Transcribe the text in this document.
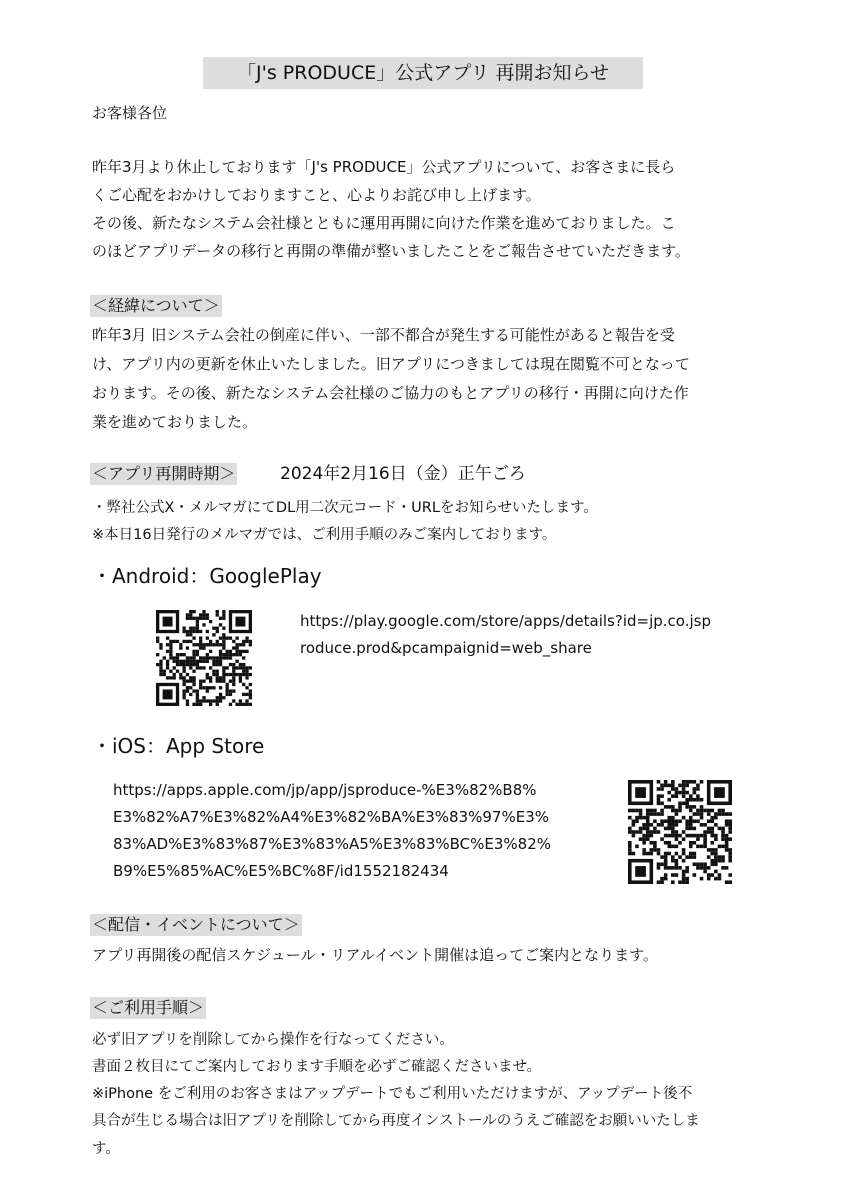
「J's PRODUCE」公式アプリ 再開お知らせ
お客様各位
昨年3月より休止しております「J's PRODUCE」公式アプリについて、お客さまに長ら
くご心配をおかけしておりますこと、心よりお詫び申し上げます。
その後、新たなシステム会社様とともに運用再開に向けた作業を進めておりました。こ
のほどアプリデータの移行と再開の準備が整いましたことをご報告させていただきます。
＜経緯について＞
昨年3月 旧システム会社の倒産に伴い、一部不都合が発生する可能性があると報告を受
け、アプリ内の更新を休止いたしました。旧アプリにつきましては現在閲覧不可となって
おります。その後、新たなシステム会社様のご協力のもとアプリの移行・再開に向けた作
業を進めておりました。
＜アプリ再開時期＞	2024年2月16日（金）正午ごろ
・弊社公式X・メルマガにてDL用二次元コード・URLをお知らせいたします。
※本日16日発行のメルマガでは、ご利用手順のみご案内しております。
・Android：GooglePlay
https://play.google.com/store/apps/details?id=jp.co.jsp
roduce.prod&pcampaignid=web_share
・iOS：App Store
https://apps.apple.com/jp/app/jsproduce-%E3%82%B8%
E3%82%A7%E3%82%A4%E3%82%BA%E3%83%97%E3%
83%AD%E3%83%87%E3%83%A5%E3%83%BC%E3%82%
B9%E5%85%AC%E5%BC%8F/id1552182434
＜配信・イベントについて＞
アプリ再開後の配信スケジュール・リアルイベント開催は追ってご案内となります。
＜ご利用手順＞
必ず旧アプリを削除してから操作を行なってください。
書面２枚目にてご案内しております手順を必ずご確認くださいませ。
※iPhone をご利用のお客さまはアップデートでもご利用いただけますが、アップデート後不
具合が生じる場合は旧アプリを削除してから再度インストールのうえご確認をお願いいたしま
す。
